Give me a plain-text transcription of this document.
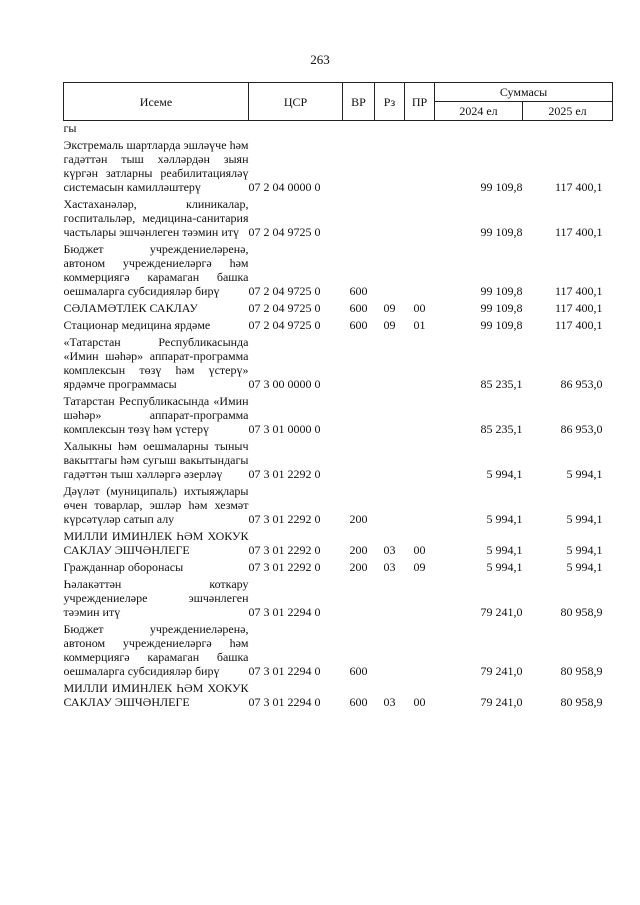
263
Исеме	ЦСР	ВР	Рз	ПР	Суммасы	
					2024 ел	2025 ел
гы						
Экстремаль шартларда эшләүче һәм гадәттән тыш хәлләрдән зыян күргән затларны реабилитацияләү системасын камилләштерү	07 2 04 0000 0				99 109,8	117 400,1
Хастаханәләр, клиникалар, госпитальләр, медицина-санитария частьлары эшчәнлеген тәэмин итү	07 2 04 9725 0				99 109,8	117 400,1
Бюджет учреждениеләренә, автоном учреждениеләргә һәм коммерциягә карамаган башка оешмаларга субсидияләр бирү	07 2 04 9725 0	600			99 109,8	117 400,1
СӘЛАМӘТЛЕК САКЛАУ	07 2 04 9725 0	600	09	00	99 109,8	117 400,1
Стационар медицина ярдәме	07 2 04 9725 0	600	09	01	99 109,8	117 400,1
«Татарстан Республикасында «Имин шәһәр» аппарат-программа комплексын төзү һәм үстерү» ярдәмче программасы	07 3 00 0000 0				85 235,1	86 953,0
Татарстан Республикасында «Имин шәһәр» аппарат-программа комплексын төзү һәм үстерү	07 3 01 0000 0				85 235,1	86 953,0
Халыкны һәм оешмаларны тыныч вакыттагы һәм сугыш вакытындагы гадәттән тыш хәлләргә әзерләү	07 3 01 2292 0				5 994,1	5 994,1
Дәүләт (муниципаль) ихтыяҗлары өчен товарлар, эшләр һәм хезмәт күрсәтүләр сатып алу	07 3 01 2292 0	200			5 994,1	5 994,1
МИЛЛИ ИМИНЛЕК ҺӘМ ХОКУК САКЛАУ ЭШЧӘНЛЕГЕ	07 3 01 2292 0	200	03	00	5 994,1	5 994,1
Гражданнар оборонасы	07 3 01 2292 0	200	03	09	5 994,1	5 994,1
Һәлакәттән коткару учреждениеләре эшчәнлеген тәэмин итү	07 3 01 2294 0				79 241,0	80 958,9
Бюджет учреждениеләренә, автоном учреждениеләргә һәм коммерциягә карамаган башка оешмаларга субсидияләр бирү	07 3 01 2294 0	600			79 241,0	80 958,9
МИЛЛИ ИМИНЛЕК ҺӘМ ХОКУК САКЛАУ ЭШЧӘНЛЕГЕ	07 3 01 2294 0	600	03	00	79 241,0	80 958,9
